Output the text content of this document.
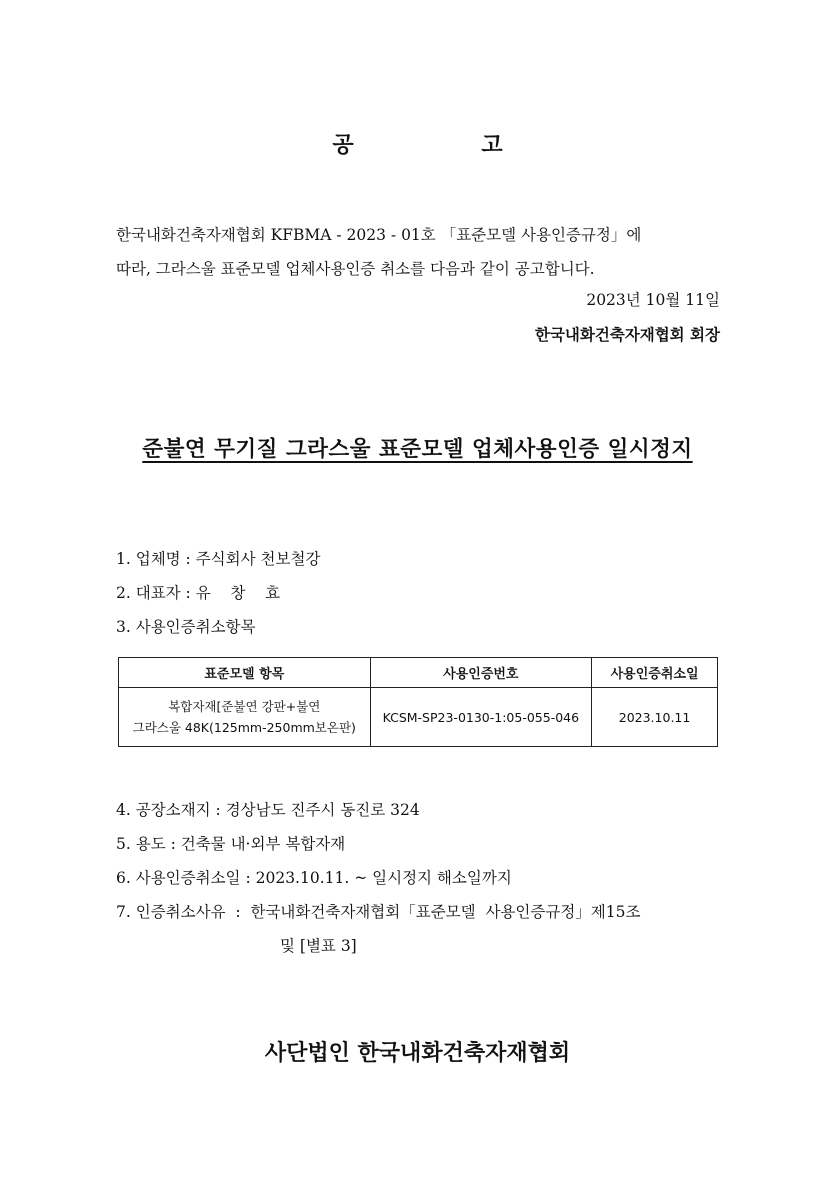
공 고

한국내화건축자재협회 KFBMA - 2023 - 01호 「표준모델 사용인증규정」에

따라, 그라스울 표준모델 업체사용인증 취소를 다음과 같이 공고합니다.

2023년 10월 11일
한국내화건축자재협회 회장
준불연 무기질 그라스울 표준모델 업체사용인증 일시정지
1. 업체명 : 주식회사 천보철강
2. 대표자 : 유    창    효
3. 사용인증취소항목
표준모델 항목	사용인증번호	사용인증취소일

복합자재[준불연 강판+불연
그라스울 48K(125mm-250mm보온판)	KCSM-SP23-0130-1:05-055-046	2023.10.11
4. 공장소재지 : 경상남도 진주시 동진로 324
5. 용도 : 건축물 내·외부 복합자재
6. 사용인증취소일 : 2023.10.11. ~ 일시정지 해소일까지
7. 인증취소사유  :  한국내화건축자재협회「표준모델  사용인증규정」제15조
및 [별표 3]
사단법인 한국내화건축자재협회
